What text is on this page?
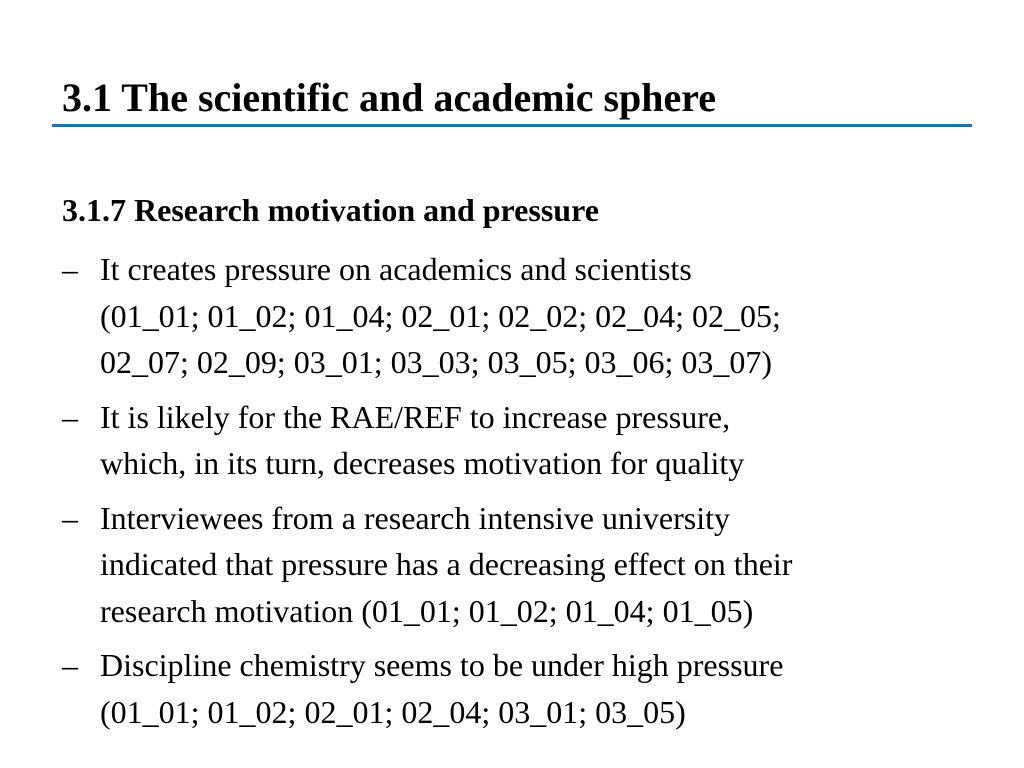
3.1 The scientific and academic sphere
3.1.7 Research motivation and pressure
– It creates pressure on academics and scientists
(01_01; 01_02; 01_04; 02_01; 02_02; 02_04; 02_05;
02_07; 02_09; 03_01; 03_03; 03_05; 03_06; 03_07)
– It is likely for the RAE/REF to increase pressure,
which, in its turn, decreases motivation for quality
– Interviewees from a research intensive university
indicated that pressure has a decreasing effect on their
research motivation (01_01; 01_02; 01_04; 01_05)
– Discipline chemistry seems to be under high pressure
(01_01; 01_02; 02_01; 02_04; 03_01; 03_05)
